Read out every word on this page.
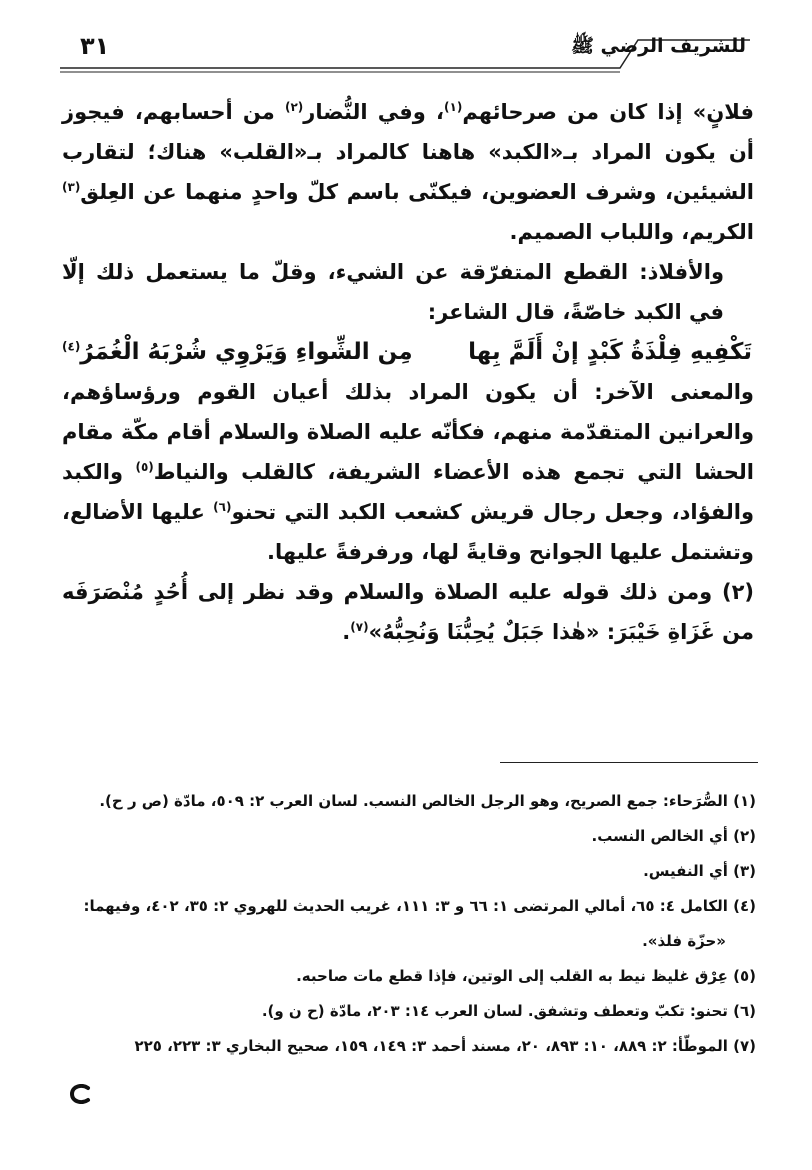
للشريف الرضي ﷺ
٣١

فلانٍ» إذا كان من صرحائهم$^{(١)}$، وفي النُّضار$^{(٢)}$ من أحسابهم، فيجوز أن يكون المراد بـ«الكبد» هاهنا كالمراد بـ«القلب» هناك؛ لتقارب الشيئين، وشرف العضوين، فيكنّى باسم كلّ واحدٍ منهما عن العِلق$^{(٣)}$ الكريم، واللباب الصميم.

والأفلاذ: القطع المتفرّقة عن الشيء، وقلّ ما يستعمل ذلك إلّا في الكبد خاصّةً، قال الشاعر:

تَكْفِيهِ فِلْذَةُ كَبْدٍ إنْ أَلَمَّ بِها
مِن الشِّواءِ وَيَرْوِي شُرْبَهُ الْغُمَرُ$^{(٤)}$

والمعنى الآخر: أن يكون المراد بذلك أعيان القوم ورؤساؤهم، والعرانين المتقدّمة منهم، فكأنّه عليه الصلاة والسلام أقام مكّة مقام الحشا التي تجمع هذه الأعضاء الشريفة، كالقلب والنياط$^{(٥)}$ والكبد والفؤاد، وجعل رجال قريش كشعب الكبد التي تحنو$^{(٦)}$ عليها الأضالع، وتشتمل عليها الجوانح وقايةً لها، ورفرفةً عليها.

(٢) ومن ذلك قوله عليه الصلاة والسلام وقد نظر إلى أُحُدٍ مُنْصَرَفَه من غَزَاةِ خَيْبَرَ: «هٰذا جَبَلٌ يُحِبُّنَا وَنُحِبُّهُ»$^{(٧)}$.

(١) الصُّرَحاء: جمع الصريح، وهو الرجل الخالص النسب. لسان العرب ٢: ٥٠٩، مادّة (ص ر ح).

(٢) أي الخالص النسب.

(٣) أي النفيس.

(٤) الكامل ٤: ٦٥، أمالي المرتضى ١: ٦٦ و ٣: ١١١، غريب الحديث للهروي ٢: ٣٥، ٤٠٢، وفيهما:

«حزّة فلذ».

(٥) عِرْق غليظ نيط به القلب إلى الوتين، فإذا قطع مات صاحبه.

(٦) تحنو: تكبّ وتعطف وتشفق. لسان العرب ١٤: ٢٠٣، مادّة (ح ن و).

(٧) الموطّأ: ٢: ٨٨٩، ١٠: ٨٩٣، ٢٠، مسند أحمد ٣: ١٤٩، ١٥٩، صحيح البخاري ٣: ٢٢٣، ٢٢٥
